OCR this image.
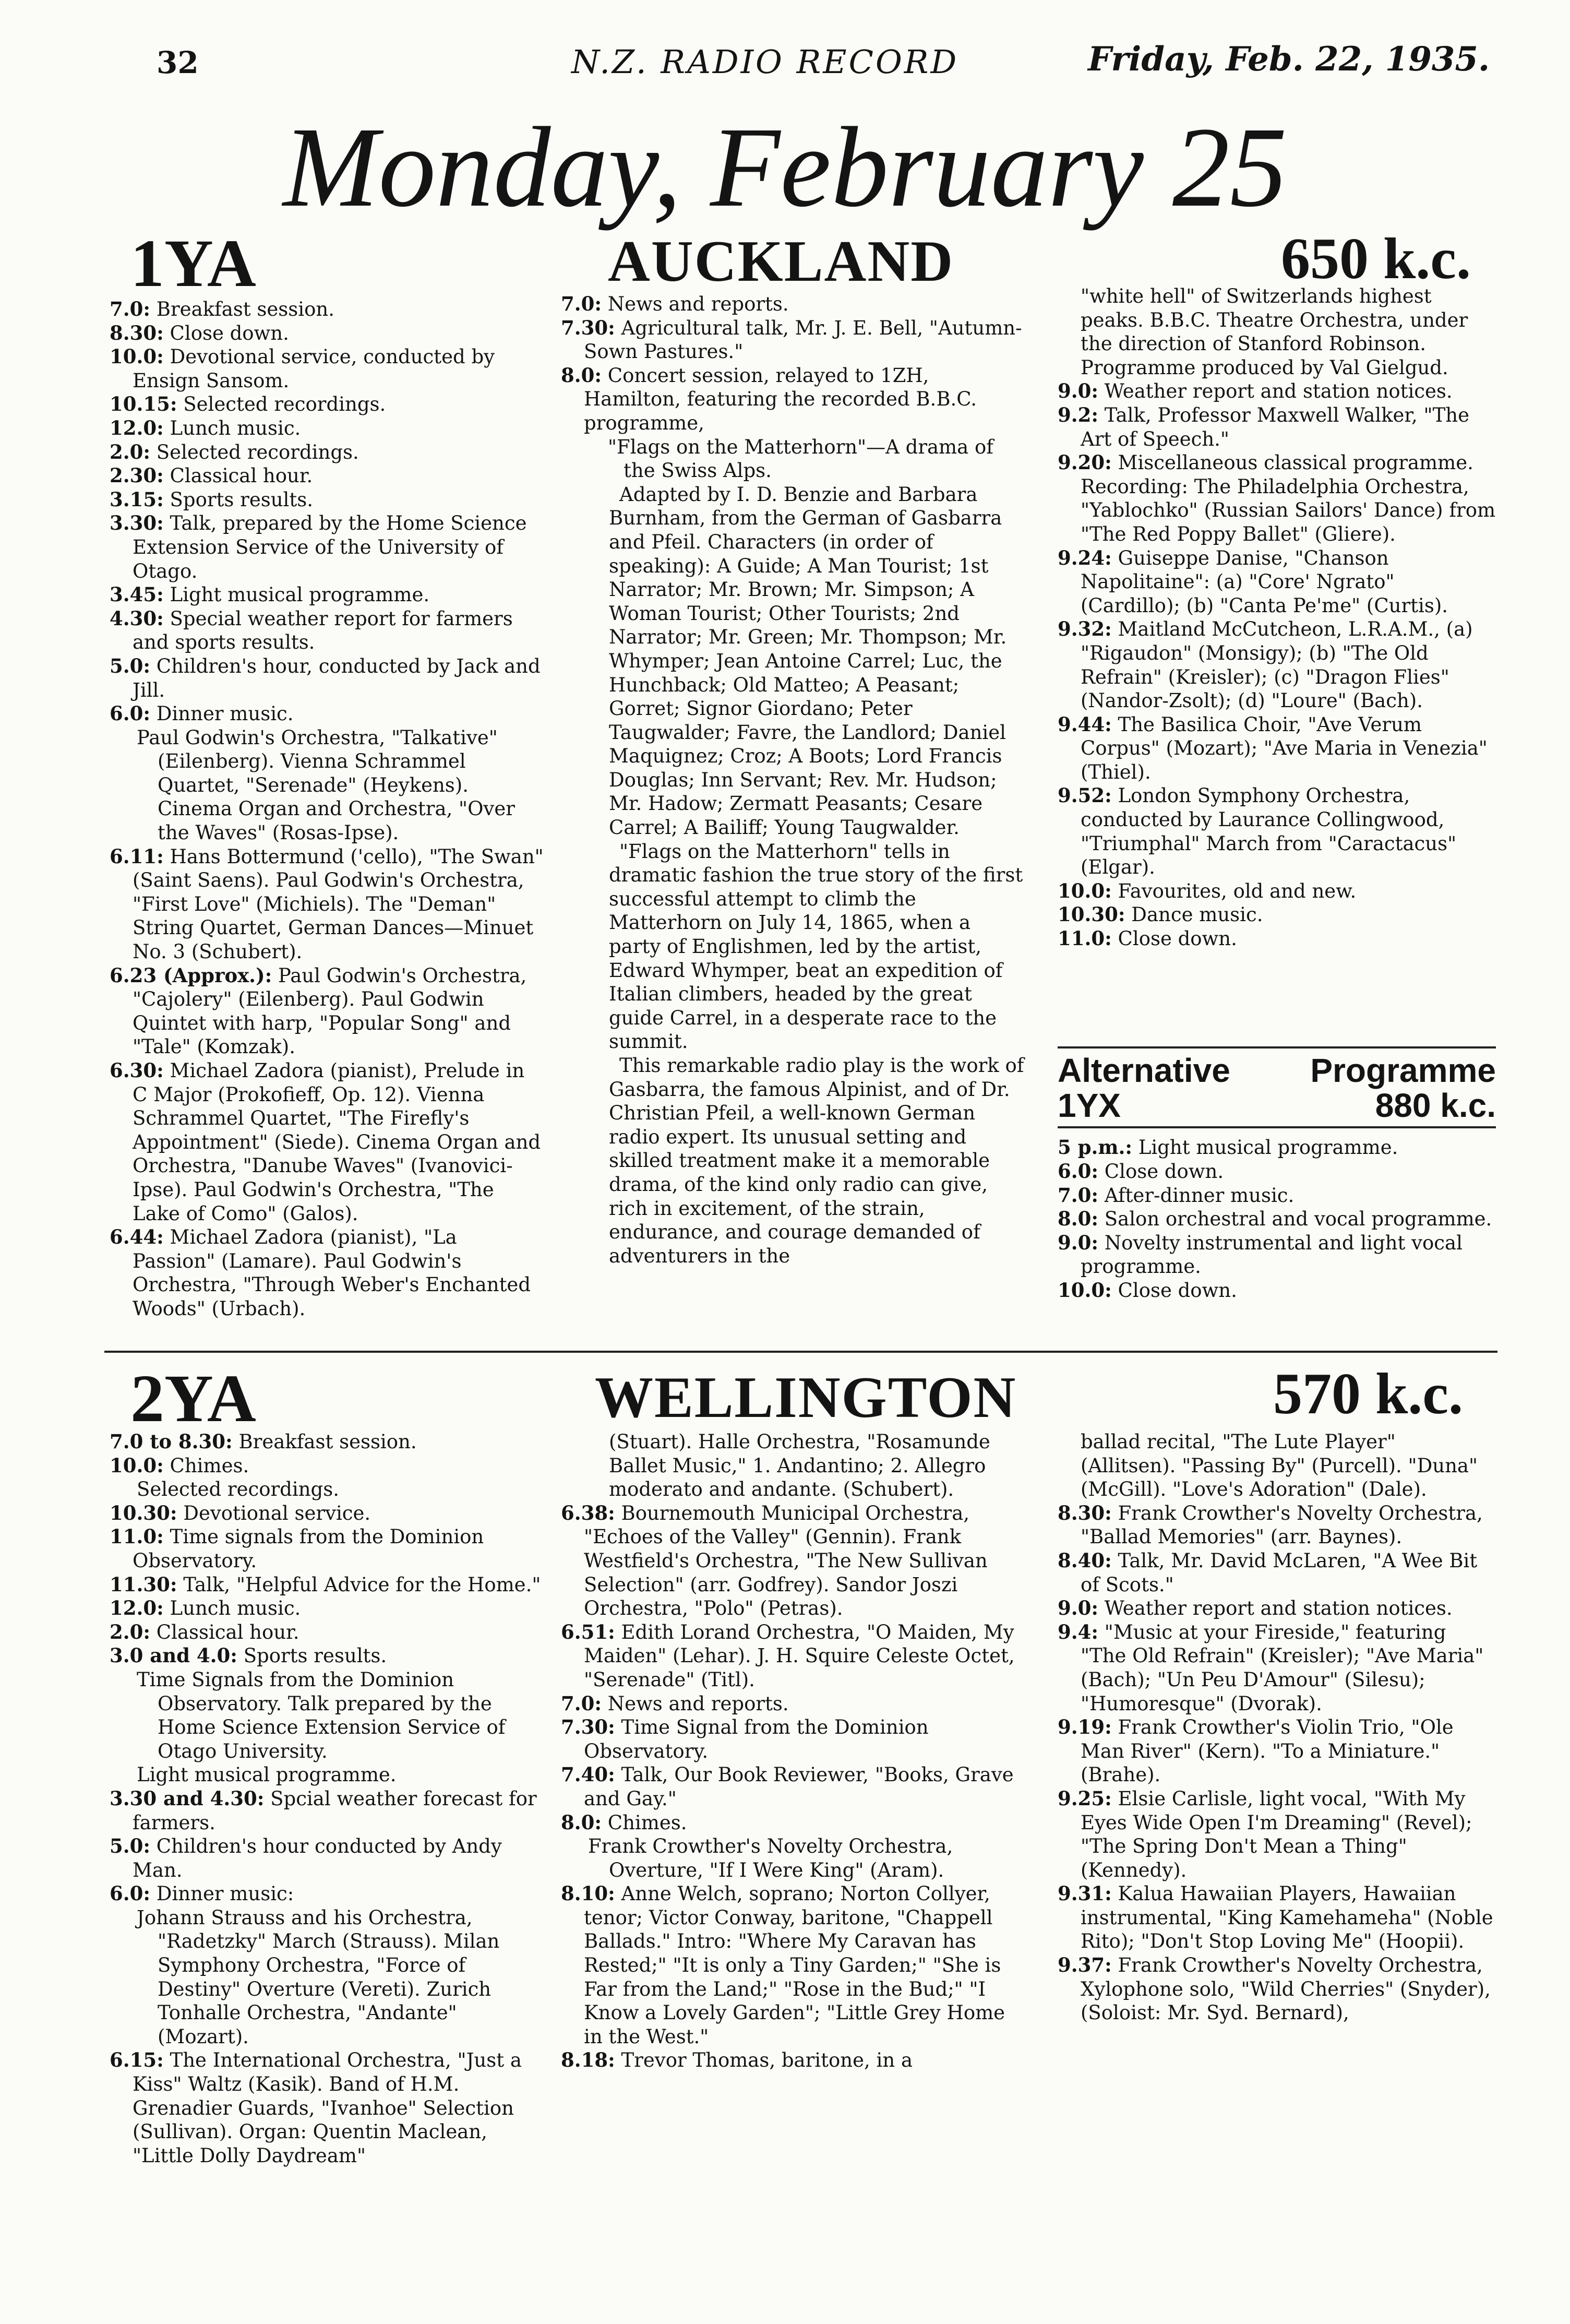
32	N.Z. RADIO RECORD	Friday, Feb. 22, 1935.
Monday, February 25
1YA	AUCKLAND	650 k.c.
7.0: Breakfast session.
8.30: Close down.
10.0: Devotional service, conducted by Ensign Sansom.
10.15: Selected recordings.
12.0: Lunch music.
2.0: Selected recordings.
2.30: Classical hour.
3.15: Sports results.
3.30: Talk, prepared by the Home Science Extension Service of the University of Otago.
3.45: Light musical programme.
4.30: Special weather report for farmers and sports results.
5.0: Children's hour, conducted by Jack and Jill.
6.0: Dinner music.
Paul Godwin's Orchestra, "Talkative" (Eilenberg). Vienna Schrammel Quartet, "Serenade" (Heykens). Cinema Organ and Orchestra, "Over the Waves" (Rosas-Ipse).
6.11: Hans Bottermund ('cello), "The Swan" (Saint Saens). Paul Godwin's Orchestra, "First Love" (Michiels). The "Deman" String Quartet, German Dances—Minuet No. 3 (Schubert).
6.23 (Approx.): Paul Godwin's Orchestra, "Cajolery" (Eilenberg). Paul Godwin Quintet with harp, "Popular Song" and "Tale" (Komzak).
6.30: Michael Zadora (pianist), Prelude in C Major (Prokofieff, Op. 12). Vienna Schrammel Quartet, "The Firefly's Appointment" (Siede). Cinema Organ and Orchestra, "Danube Waves" (Ivanovici-Ipse). Paul Godwin's Orchestra, "The Lake of Como" (Galos).
6.44: Michael Zadora (pianist), "La Passion" (Lamare). Paul Godwin's Orchestra, "Through Weber's Enchanted Woods" (Urbach).
7.0: News and reports.
7.30: Agricultural talk, Mr. J. E. Bell, "Autumn-Sown Pastures."
8.0: Concert session, relayed to 1ZH, Hamilton, featuring the recorded B.B.C. programme,
"Flags on the Matterhorn"—A drama of the Swiss Alps.
Adapted by I. D. Benzie and Barbara Burnham, from the German of Gasbarra and Pfeil. Characters (in order of speaking): A Guide; A Man Tourist; 1st Narrator; Mr. Brown; Mr. Simpson; A Woman Tourist; Other Tourists; 2nd Narrator; Mr. Green; Mr. Thompson; Mr. Whymper; Jean Antoine Carrel; Luc, the Hunchback; Old Matteo; A Peasant; Gorret; Signor Giordano; Peter Taugwalder; Favre, the Landlord; Daniel Maquignez; Croz; A Boots; Lord Francis Douglas; Inn Servant; Rev. Mr. Hudson; Mr. Hadow; Zermatt Peasants; Cesare Carrel; A Bailiff; Young Taugwalder.
"Flags on the Matterhorn" tells in dramatic fashion the true story of the first successful attempt to climb the Matterhorn on July 14, 1865, when a party of Englishmen, led by the artist, Edward Whymper, beat an expedition of Italian climbers, headed by the great guide Carrel, in a desperate race to the summit.
This remarkable radio play is the work of Gasbarra, the famous Alpinist, and of Dr. Christian Pfeil, a well-known German radio expert. Its unusual setting and skilled treatment make it a memorable drama, of the kind only radio can give, rich in excitement, of the strain, endurance, and courage demanded of adventurers in the
"white hell" of Switzerlands highest peaks. B.B.C. Theatre Orchestra, under the direction of Stanford Robinson. Programme produced by Val Gielgud.
9.0: Weather report and station notices.
9.2: Talk, Professor Maxwell Walker, "The Art of Speech."
9.20: Miscellaneous classical programme. Recording: The Philadelphia Orchestra, "Yablochko" (Russian Sailors' Dance) from "The Red Poppy Ballet" (Gliere).
9.24: Guiseppe Danise, "Chanson Napolitaine": (a) "Core' Ngrato" (Cardillo); (b) "Canta Pe'me" (Curtis).
9.32: Maitland McCutcheon, L.R.A.M., (a) "Rigaudon" (Monsigy); (b) "The Old Refrain" (Kreisler); (c) "Dragon Flies" (Nandor-Zsolt); (d) "Loure" (Bach).
9.44: The Basilica Choir, "Ave Verum Corpus" (Mozart); "Ave Maria in Venezia" (Thiel).
9.52: London Symphony Orchestra, conducted by Laurance Collingwood, "Triumphal" March from "Caractacus" (Elgar).
10.0: Favourites, old and new.
10.30: Dance music.
11.0: Close down.
Alternative Programme
1YX	880 k.c.
5 p.m.: Light musical programme.
6.0: Close down.
7.0: After-dinner music.
8.0: Salon orchestral and vocal programme.
9.0: Novelty instrumental and light vocal programme.
10.0: Close down.
2YA	WELLINGTON	570 k.c.
7.0 to 8.30: Breakfast session.
10.0: Chimes.
Selected recordings.
10.30: Devotional service.
11.0: Time signals from the Dominion Observatory.
11.30: Talk, "Helpful Advice for the Home."
12.0: Lunch music.
2.0: Classical hour.
3.0 and 4.0: Sports results.
Time Signals from the Dominion Observatory. Talk prepared by the Home Science Extension Service of Otago University.
Light musical programme.
3.30 and 4.30: Spcial weather forecast for farmers.
5.0: Children's hour conducted by Andy Man.
6.0: Dinner music:
Johann Strauss and his Orchestra, "Radetzky" March (Strauss). Milan Symphony Orchestra, "Force of Destiny" Overture (Vereti). Zurich Tonhalle Orchestra, "Andante" (Mozart).
6.15: The International Orchestra, "Just a Kiss" Waltz (Kasik). Band of H.M. Grenadier Guards, "Ivanhoe" Selection (Sullivan). Organ: Quentin Maclean, "Little Dolly Daydream"
(Stuart). Halle Orchestra, "Rosamunde Ballet Music," 1. Andantino; 2. Allegro moderato and andante. (Schubert).
6.38: Bournemouth Municipal Orchestra, "Echoes of the Valley" (Gennin). Frank Westfield's Orchestra, "The New Sullivan Selection" (arr. Godfrey). Sandor Joszi Orchestra, "Polo" (Petras).
6.51: Edith Lorand Orchestra, "O Maiden, My Maiden" (Lehar). J. H. Squire Celeste Octet, "Serenade" (Titl).
7.0: News and reports.
7.30: Time Signal from the Dominion Observatory.
7.40: Talk, Our Book Reviewer, "Books, Grave and Gay."
8.0: Chimes.
Frank Crowther's Novelty Orchestra, Overture, "If I Were King" (Aram).
8.10: Anne Welch, soprano; Norton Collyer, tenor; Victor Conway, baritone, "Chappell Ballads." Intro: "Where My Caravan has Rested;" "It is only a Tiny Garden;" "She is Far from the Land;" "Rose in the Bud;" "I Know a Lovely Garden"; "Little Grey Home in the West."
8.18: Trevor Thomas, baritone, in a
ballad recital, "The Lute Player" (Allitsen). "Passing By" (Purcell). "Duna" (McGill). "Love's Adoration" (Dale).
8.30: Frank Crowther's Novelty Orchestra, "Ballad Memories" (arr. Baynes).
8.40: Talk, Mr. David McLaren, "A Wee Bit of Scots."
9.0: Weather report and station notices.
9.4: "Music at your Fireside," featuring "The Old Refrain" (Kreisler); "Ave Maria" (Bach); "Un Peu D'Amour" (Silesu); "Humoresque" (Dvorak).
9.19: Frank Crowther's Violin Trio, "Ole Man River" (Kern). "To a Miniature." (Brahe).
9.25: Elsie Carlisle, light vocal, "With My Eyes Wide Open I'm Dreaming" (Revel); "The Spring Don't Mean a Thing" (Kennedy).
9.31: Kalua Hawaiian Players, Hawaiian instrumental, "King Kamehameha" (Noble Rito); "Don't Stop Loving Me" (Hoopii).
9.37: Frank Crowther's Novelty Orchestra, Xylophone solo, "Wild Cherries" (Snyder), (Soloist: Mr. Syd. Bernard),
